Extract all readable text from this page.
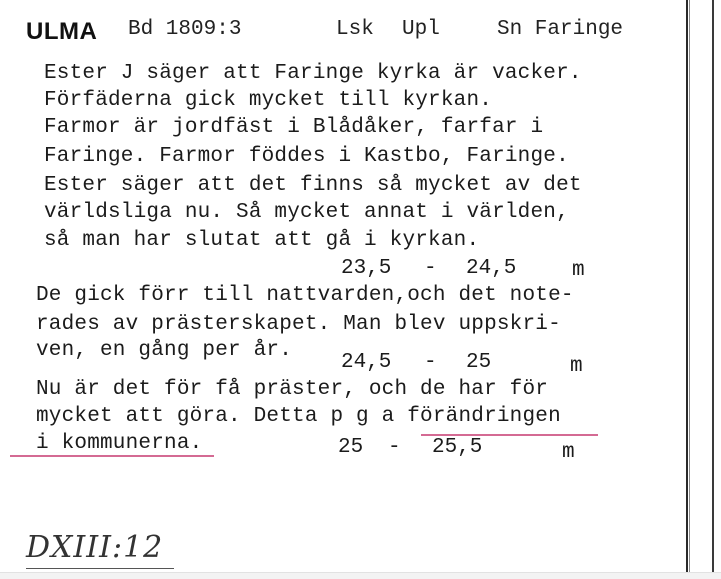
ULMA Bd 1809:3	Lsk Upl	Sn Faringe
Ester J säger att Faringe kyrka är vacker.
Förfäderna gick mycket till kyrkan.
Farmor är jordfäst i Blådåker, farfar i
Faringe. Farmor föddes i Kastbo, Faringe.
Ester säger att det finns så mycket av det
världsliga nu. Så mycket annat i världen,
så man har slutat att gå i kyrkan.
23,5 - 24,5	m
De gick förr till nattvarden,och det note-
rades av prästerskapet. Man blev uppskri-
ven, en gång per år.
24,5 - 25	m
Nu är det för få präster, och de har för
mycket att göra. Detta p g a förändringen
i kommunerna.	25 - 25,5	m
DXIII:12
